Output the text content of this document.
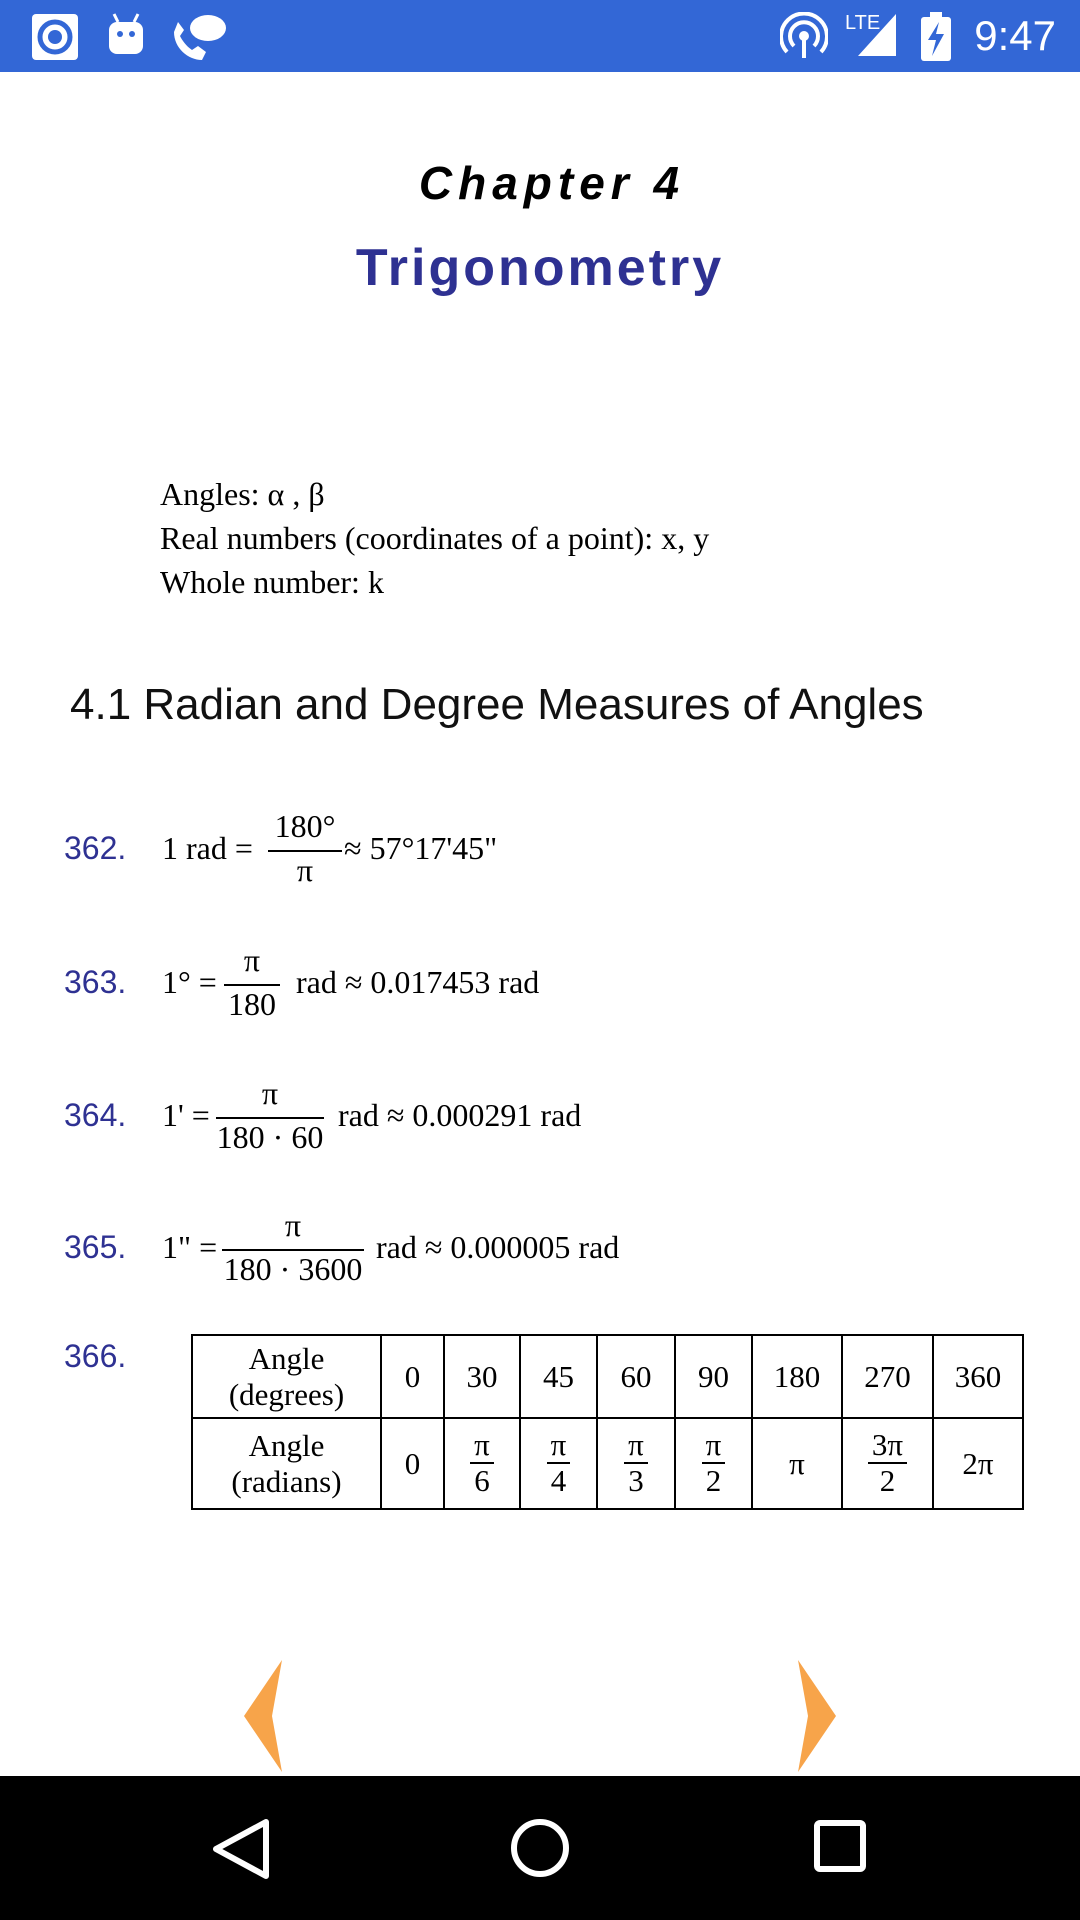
LTE 9:47
Chapter 4
Trigonometry
Angles: α , β
Real numbers (coordinates of a point): x, y
Whole number: k
4.1 Radian and Degree Measures of Angles
362. 1 rad =
180°
π
≈ 57°17'45"
363. 1° =
π
180
rad ≈ 0.017453 rad
364. 1' =
π
180 · 60
rad ≈ 0.000291 rad
365. 1" =
π
180 · 3600
rad ≈ 0.000005 rad
366.	Angle
(degrees)	0	30	45	60	90	180	270	360
Angle
(radians)	0	$\frac{\pi}{6}$	$\frac{\pi}{4}$	$\frac{\pi}{3}$	$\frac{\pi}{2}$	π	$\frac{3\pi}{2}$	2π
